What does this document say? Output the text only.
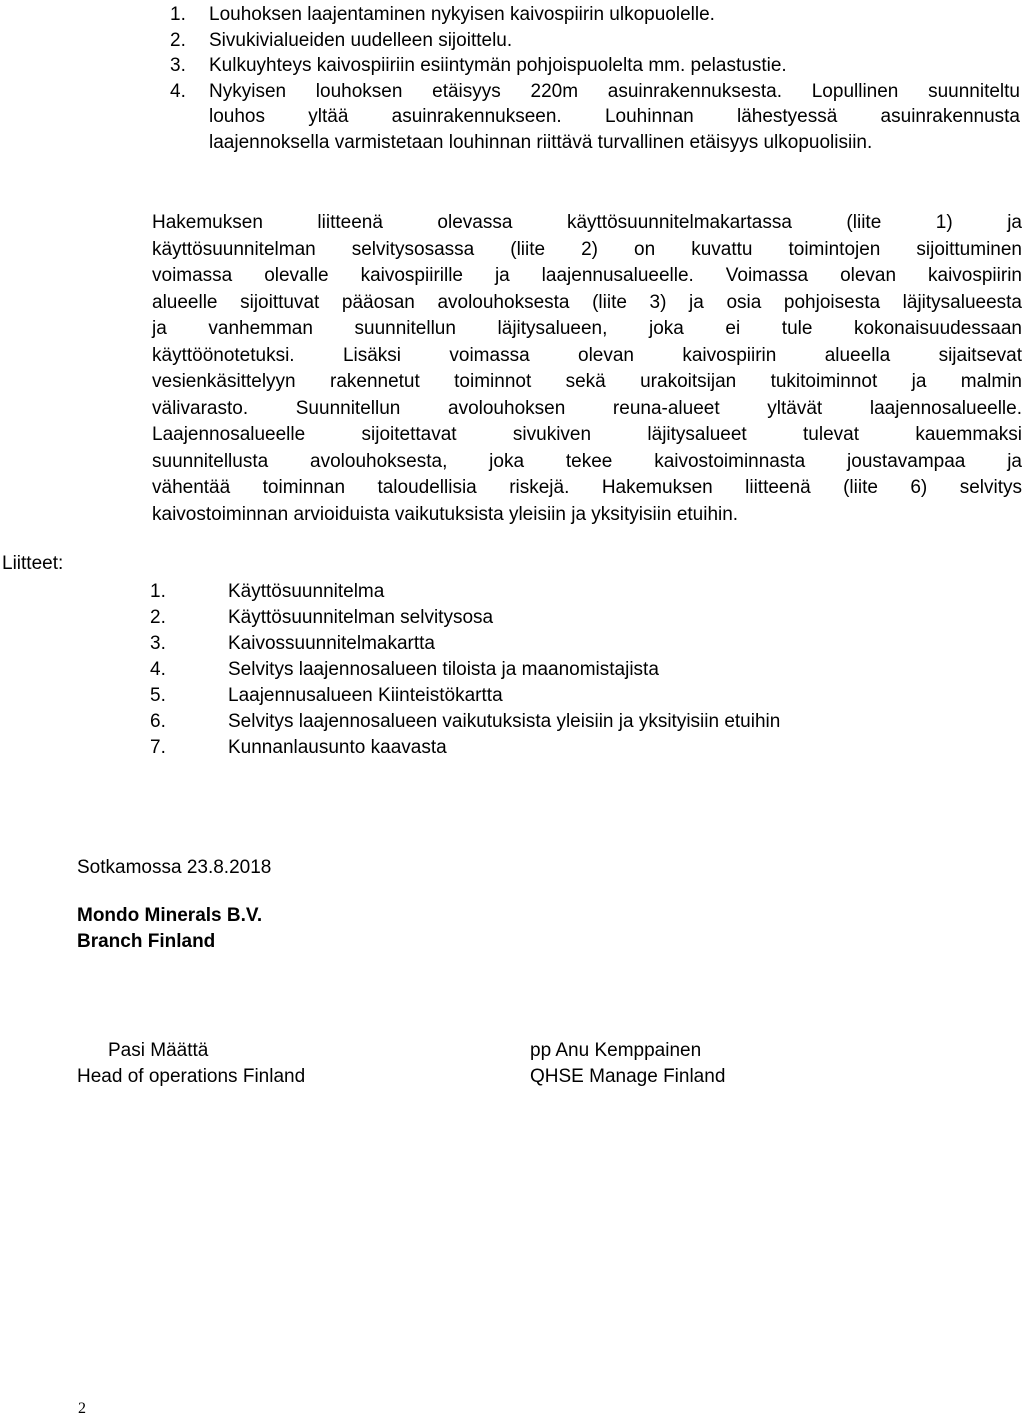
1. Louhoksen laajentaminen nykyisen kaivospiirin ulkopuolelle.
2. Sivukivialueiden uudelleen sijoittelu.
3. Kulkuyhteys kaivospiiriin esiintymän pohjoispuolelta mm. pelastustie.
4. Nykyisen louhoksen etäisyys 220m asuinrakennuksesta. Lopullinen suunniteltu
louhos yltää asuinrakennukseen. Louhinnan lähestyessä asuinrakennusta
laajennoksella varmistetaan louhinnan riittävä turvallinen etäisyys ulkopuolisiin.
Hakemuksen liitteenä olevassa käyttösuunnitelmakartassa (liite 1) ja
käyttösuunnitelman selvitysosassa (liite 2) on kuvattu toimintojen sijoittuminen
voimassa olevalle kaivospiirille ja laajennusalueelle. Voimassa olevan kaivospiirin
alueelle sijoittuvat pääosan avolouhoksesta (liite 3) ja osia pohjoisesta läjitysalueesta
ja vanhemman suunnitellun läjitysalueen, joka ei tule kokonaisuudessaan
käyttöönotetuksi. Lisäksi voimassa olevan kaivospiirin alueella sijaitsevat
vesienkäsittelyyn rakennetut toiminnot sekä urakoitsijan tukitoiminnot ja malmin
välivarasto. Suunnitellun avolouhoksen reuna-alueet yltävät laajennosalueelle.
Laajennosalueelle sijoitettavat sivukiven läjitysalueet tulevat kauemmaksi
suunnitellusta avolouhoksesta, joka tekee kaivostoiminnasta joustavampaa ja
vähentää toiminnan taloudellisia riskejä. Hakemuksen liitteenä (liite 6) selvitys
kaivostoiminnan arvioiduista vaikutuksista yleisiin ja yksityisiin etuihin.
Liitteet:
1.	Käyttösuunnitelma
2.	Käyttösuunnitelman selvitysosa
3.	Kaivossuunnitelmakartta
4.	Selvitys laajennosalueen tiloista ja maanomistajista
5.	Laajennusalueen Kiinteistökartta
6.	Selvitys laajennosalueen vaikutuksista yleisiin ja yksityisiin etuihin
7.	Kunnanlausunto kaavasta
Sotkamossa 23.8.2018
Mondo Minerals B.V.
Branch Finland
Pasi Määttä
Head of operations Finland
pp Anu Kemppainen
QHSE Manage Finland
2
